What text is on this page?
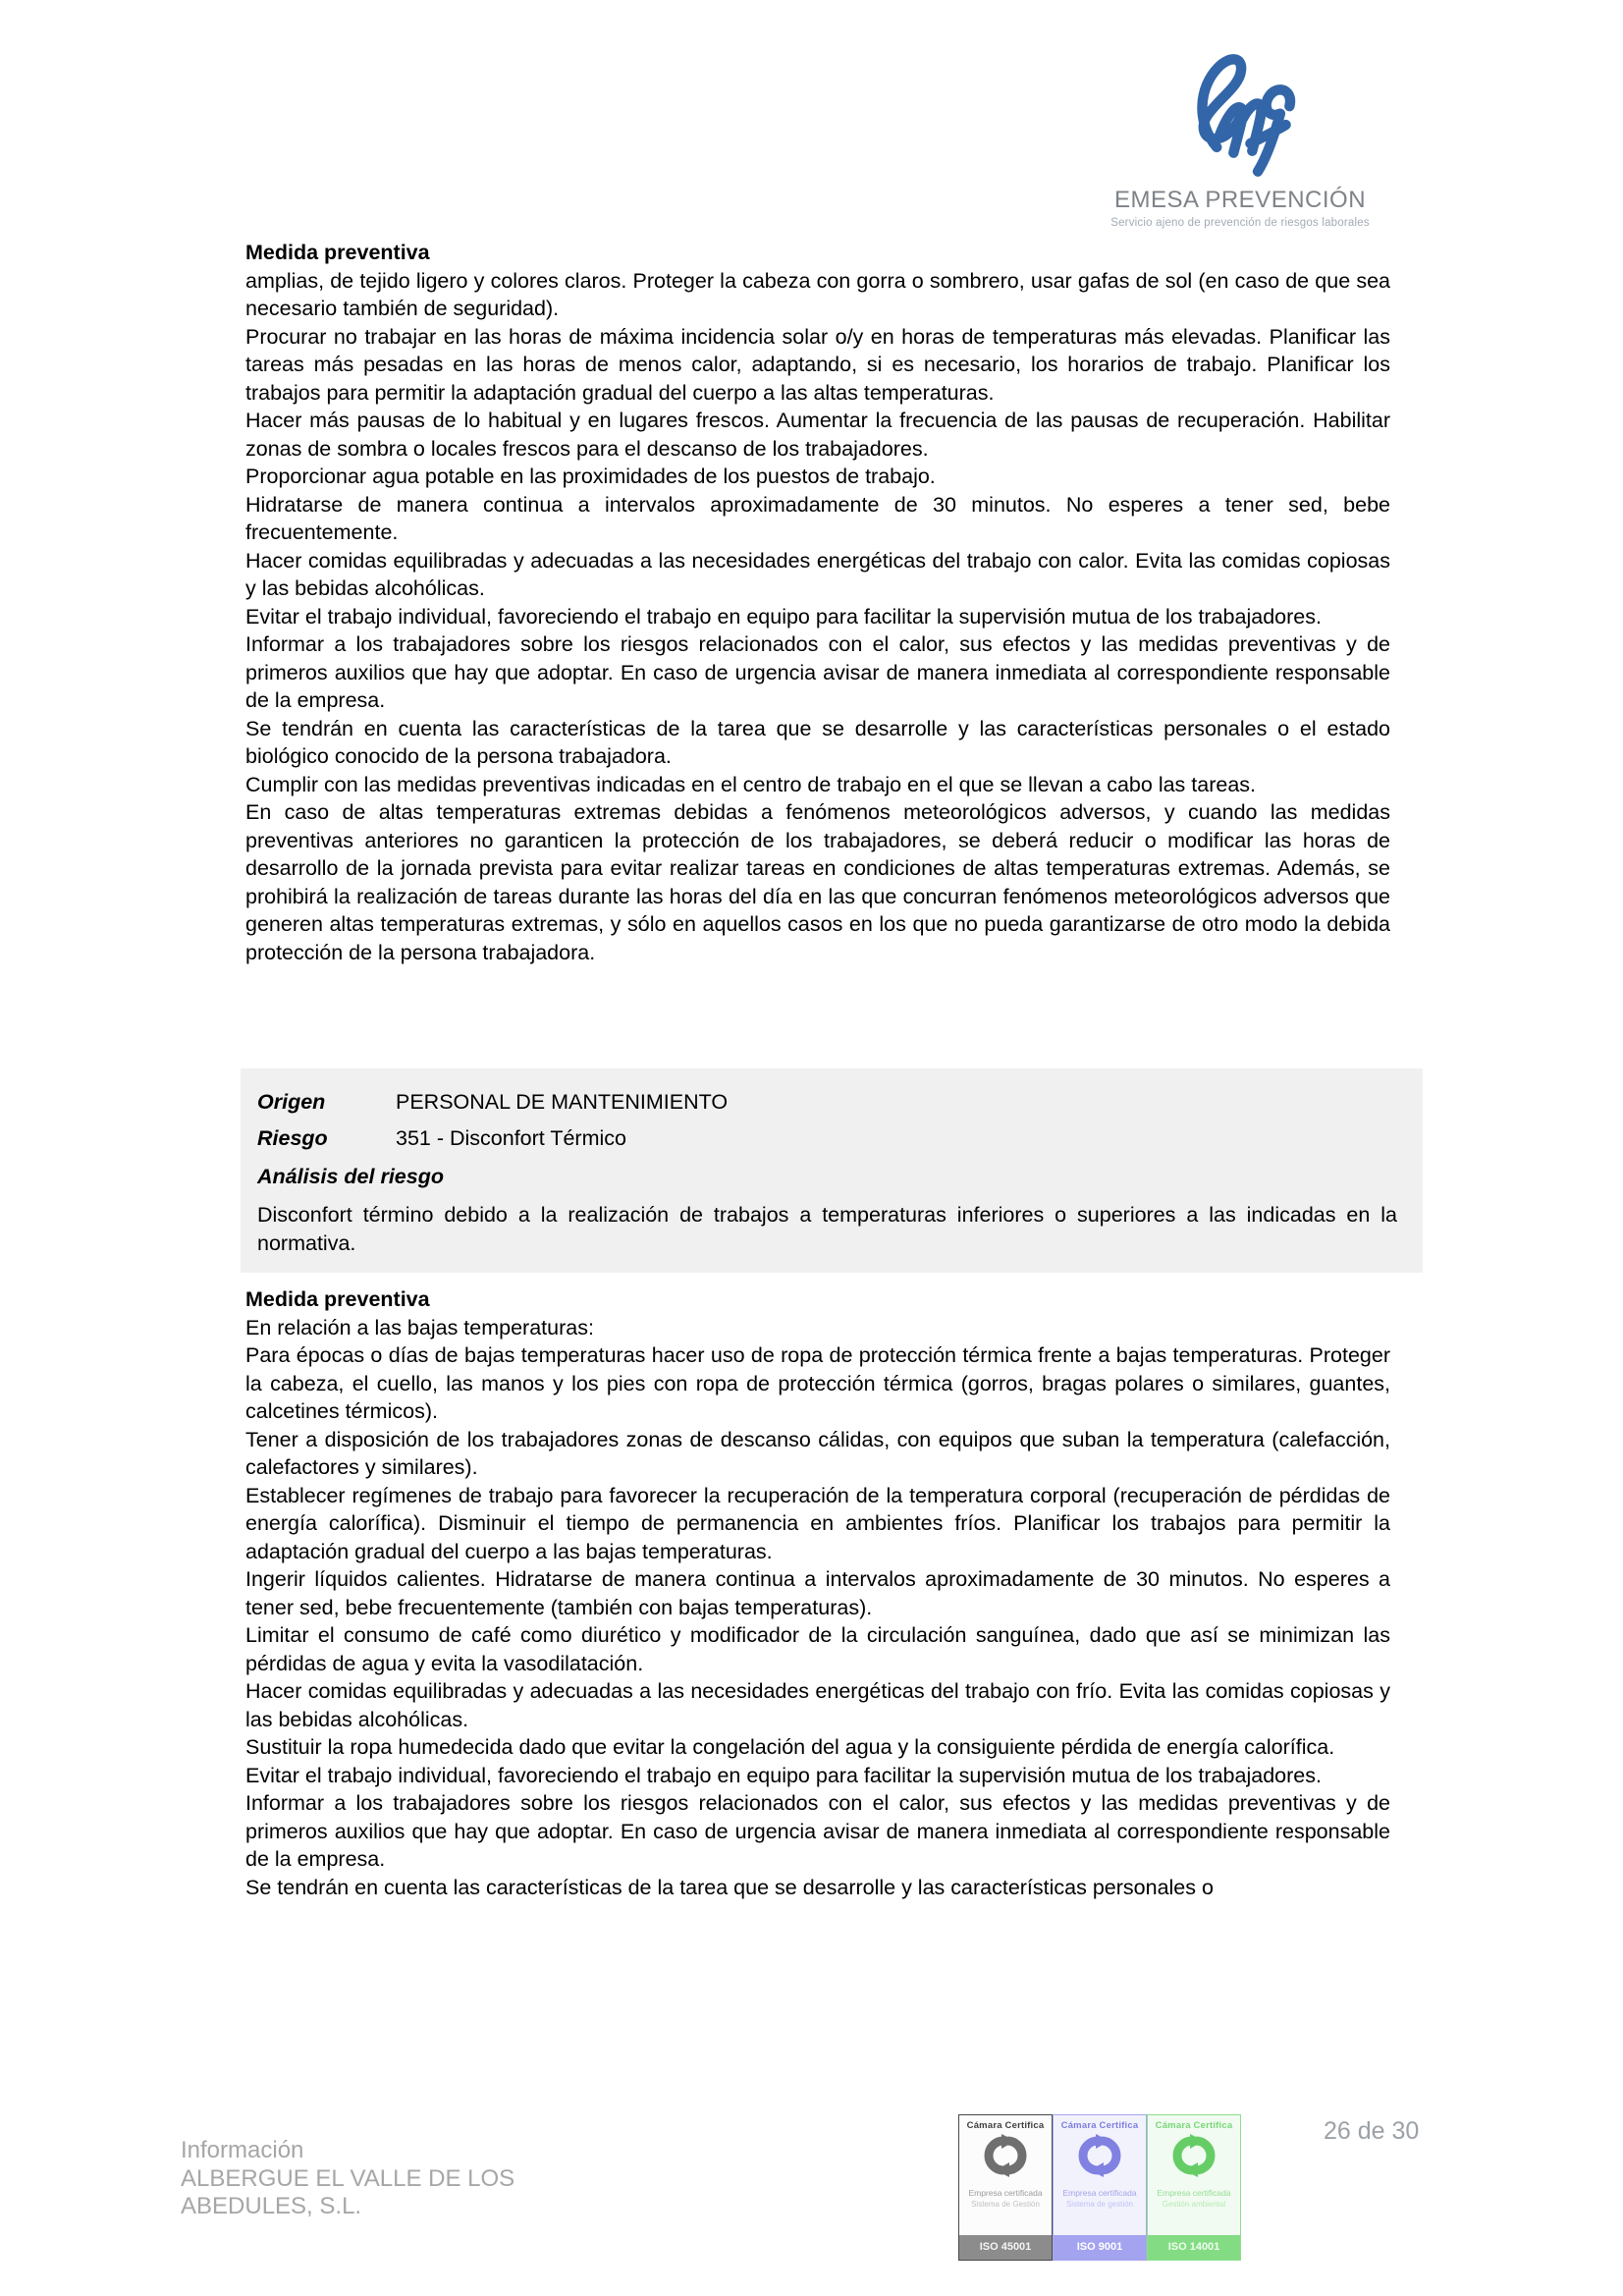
EMESA PREVENCIÓN
Servicio ajeno de prevención de riesgos laborales
Medida preventiva

amplias, de tejido ligero y colores claros. Proteger la cabeza con gorra o sombrero, usar gafas de sol (en caso de que sea necesario también de seguridad).

Procurar no trabajar en las horas de máxima incidencia solar o/y en horas de temperaturas más elevadas. Planificar las tareas más pesadas en las horas de menos calor, adaptando, si es necesario, los horarios de trabajo. Planificar los trabajos para permitir la adaptación gradual del cuerpo a las altas temperaturas.

Hacer más pausas de lo habitual y en lugares frescos. Aumentar la frecuencia de las pausas de recuperación. Habilitar zonas de sombra o locales frescos para el descanso de los trabajadores.

Proporcionar agua potable en las proximidades de los puestos de trabajo.

Hidratarse de manera continua a intervalos aproximadamente de 30 minutos. No esperes a tener sed, bebe frecuentemente.

Hacer comidas equilibradas y adecuadas a las necesidades energéticas del trabajo con calor. Evita las comidas copiosas y las bebidas alcohólicas.

Evitar el trabajo individual, favoreciendo el trabajo en equipo para facilitar la supervisión mutua de los trabajadores.

Informar a los trabajadores sobre los riesgos relacionados con el calor, sus efectos y las medidas preventivas y de primeros auxilios que hay que adoptar. En caso de urgencia avisar de manera inmediata al correspondiente responsable de la empresa.

Se tendrán en cuenta las características de la tarea que se desarrolle y las características personales o el estado biológico conocido de la persona trabajadora.

Cumplir con las medidas preventivas indicadas en el centro de trabajo en el que se llevan a cabo las tareas.

En caso de altas temperaturas extremas debidas a fenómenos meteorológicos adversos, y cuando las medidas preventivas anteriores no garanticen la protección de los trabajadores, se deberá reducir o modificar las horas de desarrollo de la jornada prevista para evitar realizar tareas en condiciones de altas temperaturas extremas. Además, se prohibirá la realización de tareas durante las horas del día en las que concurran fenómenos meteorológicos adversos que generen altas temperaturas extremas, y sólo en aquellos casos en los que no pueda garantizarse de otro modo la debida protección de la persona trabajadora.

Origen	PERSONAL DE MANTENIMIENTO
Riesgo	351 - Disconfort Térmico
Análisis del riesgo

Disconfort término debido a la realización de trabajos a temperaturas inferiores o superiores a las indicadas en la normativa.

Medida preventiva

En relación a las bajas temperaturas:

Para épocas o días de bajas temperaturas hacer uso de ropa de protección térmica frente a bajas temperaturas. Proteger la cabeza, el cuello, las manos y los pies con ropa de protección térmica (gorros, bragas polares o similares, guantes, calcetines térmicos).

Tener a disposición de los trabajadores zonas de descanso cálidas, con equipos que suban la temperatura (calefacción, calefactores y similares).

Establecer regímenes de trabajo para favorecer la recuperación de la temperatura corporal (recuperación de pérdidas de energía calorífica). Disminuir el tiempo de permanencia en ambientes fríos. Planificar los trabajos para permitir la adaptación gradual del cuerpo a las bajas temperaturas.

Ingerir líquidos calientes. Hidratarse de manera continua a intervalos aproximadamente de 30 minutos. No esperes a tener sed, bebe frecuentemente (también con bajas temperaturas).

Limitar el consumo de café como diurético y modificador de la circulación sanguínea, dado que así se minimizan las pérdidas de agua y evita la vasodilatación.

Hacer comidas equilibradas y adecuadas a las necesidades energéticas del trabajo con frío. Evita las comidas copiosas y las bebidas alcohólicas.

Sustituir la ropa humedecida dado que evitar la congelación del agua y la consiguiente pérdida de energía calorífica.

Evitar el trabajo individual, favoreciendo el trabajo en equipo para facilitar la supervisión mutua de los trabajadores.

Informar a los trabajadores sobre los riesgos relacionados con el calor, sus efectos y las medidas preventivas y de primeros auxilios que hay que adoptar. En caso de urgencia avisar de manera inmediata al correspondiente responsable de la empresa.

Se tendrán en cuenta las características de la tarea que se desarrolle y las características personales o

Información
ALBERGUE EL VALLE DE LOS
ABEDULES, S.L.
Cámara Certifica
Empresa certificada
Sistema de Gestión
ISO 45001
Cámara Certifica
Empresa certificada
Sistema de gestión
ISO 9001
Cámara Certifica
Empresa certificada
Gestión ambiental
ISO 14001
26 de 30
